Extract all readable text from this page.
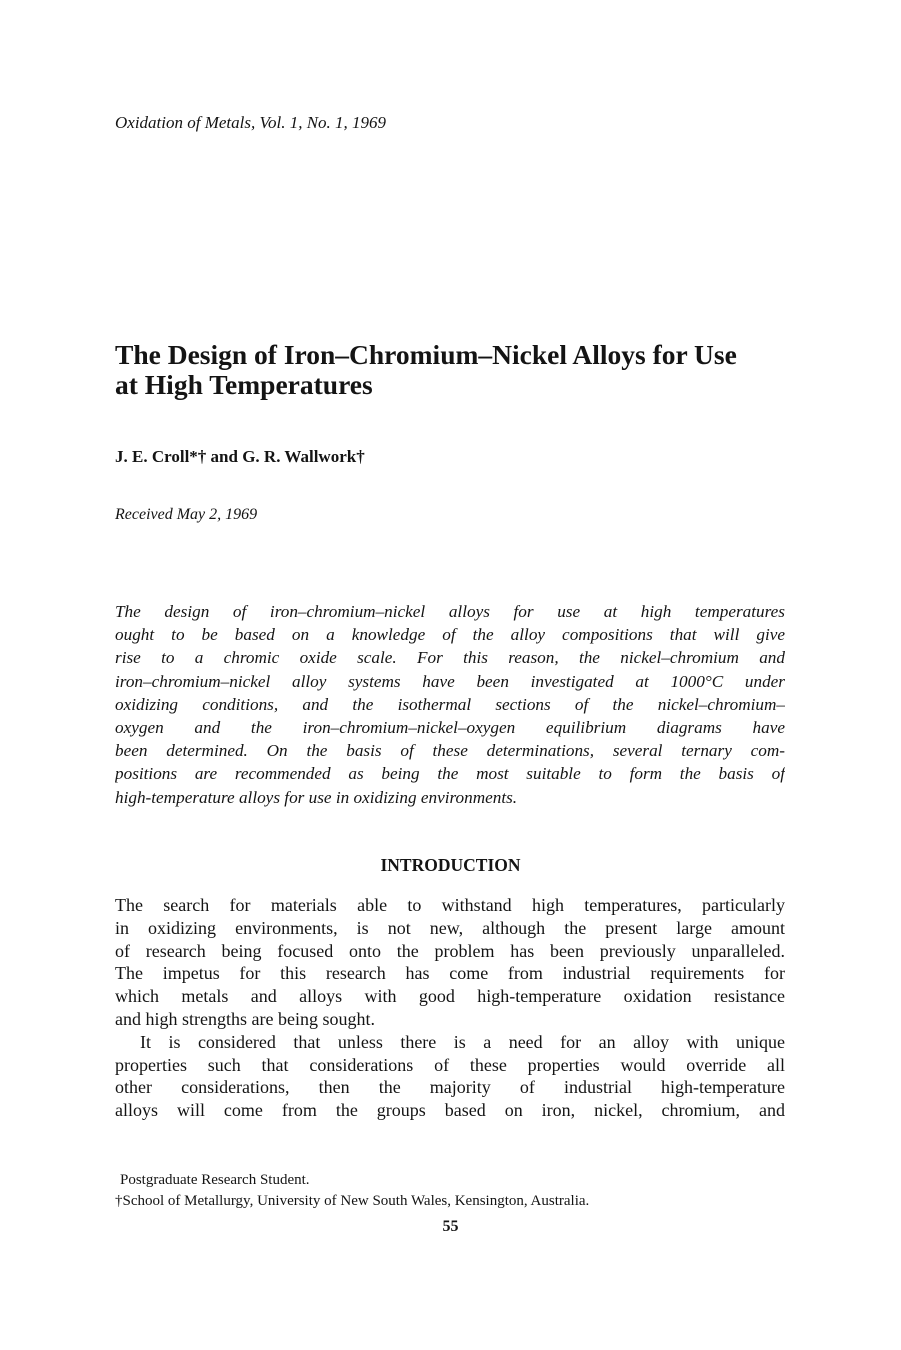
Oxidation of Metals, Vol. 1, No. 1, 1969
The Design of Iron–Chromium–Nickel Alloys for Use
at High Temperatures
J. E. Croll*† and G. R. Wallwork†
Received May 2, 1969
The design of iron–chromium–nickel alloys for use at high temperatures
ought to be based on a knowledge of the alloy compositions that will give
rise to a chromic oxide scale. For this reason, the nickel–chromium and
iron–chromium–nickel alloy systems have been investigated at 1000°C under
oxidizing conditions, and the isothermal sections of the nickel–chromium–
oxygen and the iron–chromium–nickel–oxygen equilibrium diagrams have
been determined. On the basis of these determinations, several ternary com-
positions are recommended as being the most suitable to form the basis of
high-temperature alloys for use in oxidizing environments.
INTRODUCTION
The search for materials able to withstand high temperatures, particularly
in oxidizing environments, is not new, although the present large amount
of research being focused onto the problem has been previously unparalleled.
The impetus for this research has come from industrial requirements for
which metals and alloys with good high-temperature oxidation resistance
and high strengths are being sought.
It is considered that unless there is a need for an alloy with unique
properties such that considerations of these properties would override all
other considerations, then the majority of industrial high-temperature
alloys will come from the groups based on iron, nickel, chromium, and
Postgraduate Research Student.
†School of Metallurgy, University of New South Wales, Kensington, Australia.
55
